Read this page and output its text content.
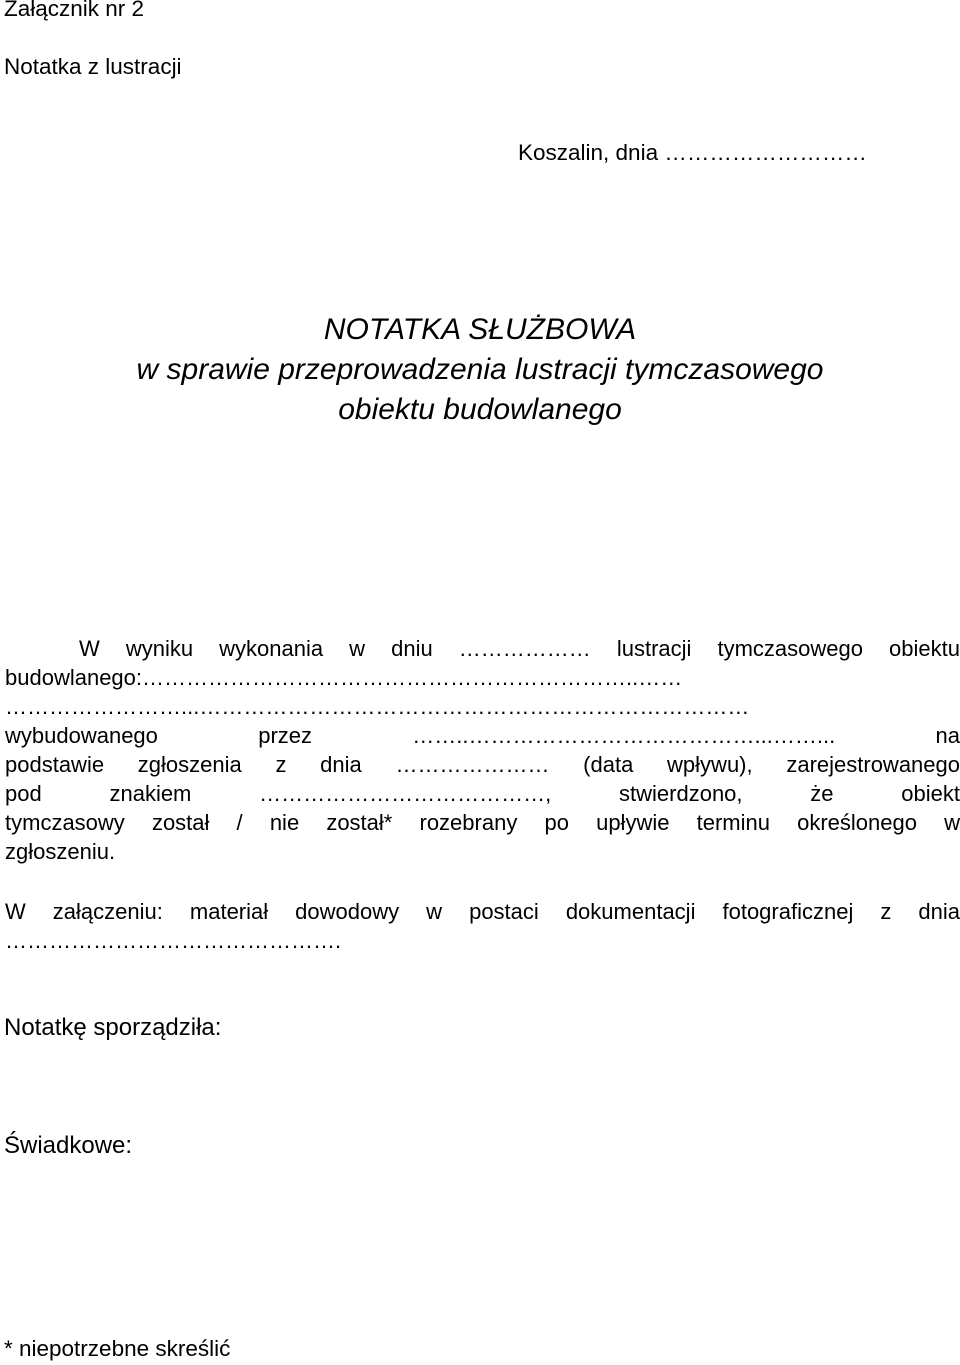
Załącznik nr 2
Notatka z lustracji
Koszalin, dnia ………………………
NOTATKA SŁUŻBOWA
w sprawie przeprowadzenia lustracji tymczasowego
obiektu budowlanego
W wyniku wykonania w dniu ……………… lustracji tymczasowego obiektu
budowlanego:…………………………………………………………..……
……………………...…………………………………………………………………
wybudowanego przez ……..…………………………………...……... na
podstawie zgłoszenia z dnia ………………… (data wpływu), zarejestrowanego
pod znakiem …………………………………, stwierdzono, że obiekt
tymczasowy został / nie został* rozebrany po upływie terminu określonego w
zgłoszeniu.
W załączeniu: materiał dowodowy w postaci dokumentacji fotograficznej z dnia
……………………………………….
Notatkę sporządziła:
Świadkowe:
* niepotrzebne skreślić
